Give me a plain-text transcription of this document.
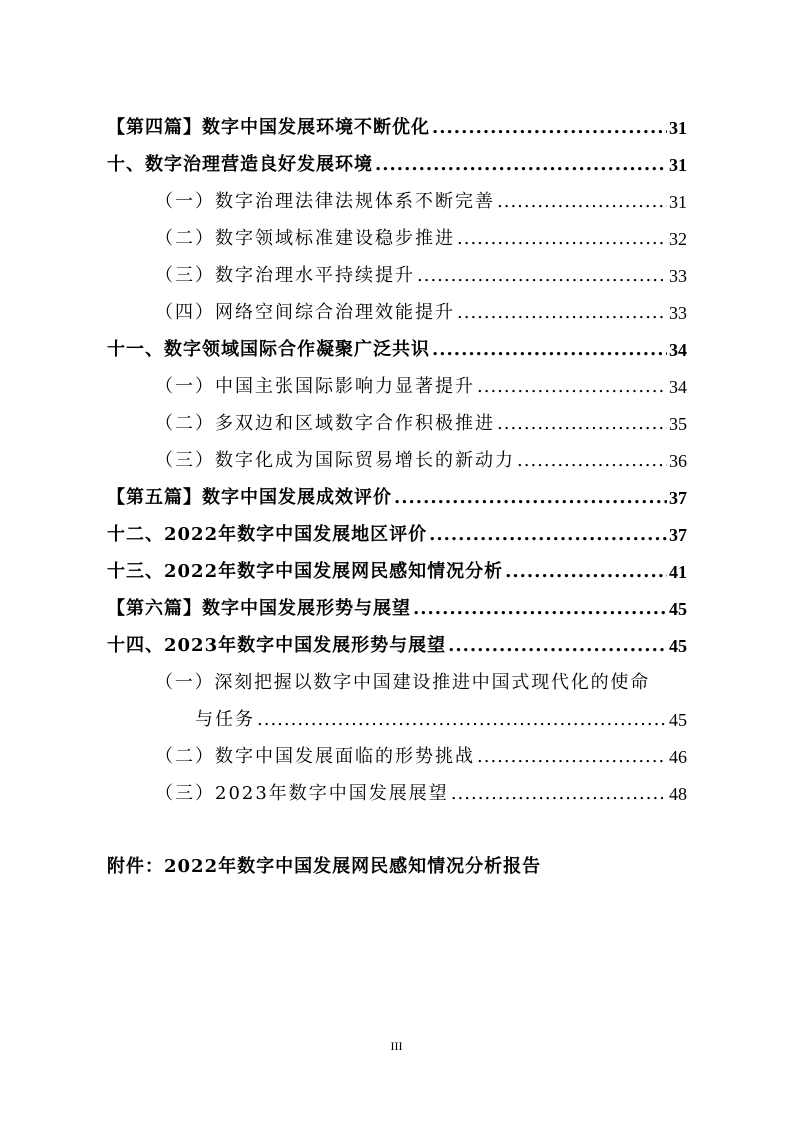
【第四篇】数字中国发展环境不断优化 .....	31
十、数字治理营造良好发展环境 .....	31
（一）数字治理法律法规体系不断完善 .....	31
（二）数字领域标准建设稳步推进 .....	32
（三）数字治理水平持续提升 .....	33
（四）网络空间综合治理效能提升 .....	33
十一、数字领域国际合作凝聚广泛共识 .....	34
（一）中国主张国际影响力显著提升 .....	34
（二）多双边和区域数字合作积极推进 .....	35
（三）数字化成为国际贸易增长的新动力 .....	36
【第五篇】数字中国发展成效评价 .....	37
十二、2022年数字中国发展地区评价 .....	37
十三、2022年数字中国发展网民感知情况分析 .....	41
【第六篇】数字中国发展形势与展望 .....	45
十四、2023年数字中国发展形势与展望 .....	45
（一）深刻把握以数字中国建设推进中国式现代化的使命
与任务 .....	45
（二）数字中国发展面临的形势挑战 .....	46
（三）2023年数字中国发展展望 .....	48
附件：2022年数字中国发展网民感知情况分析报告
III
